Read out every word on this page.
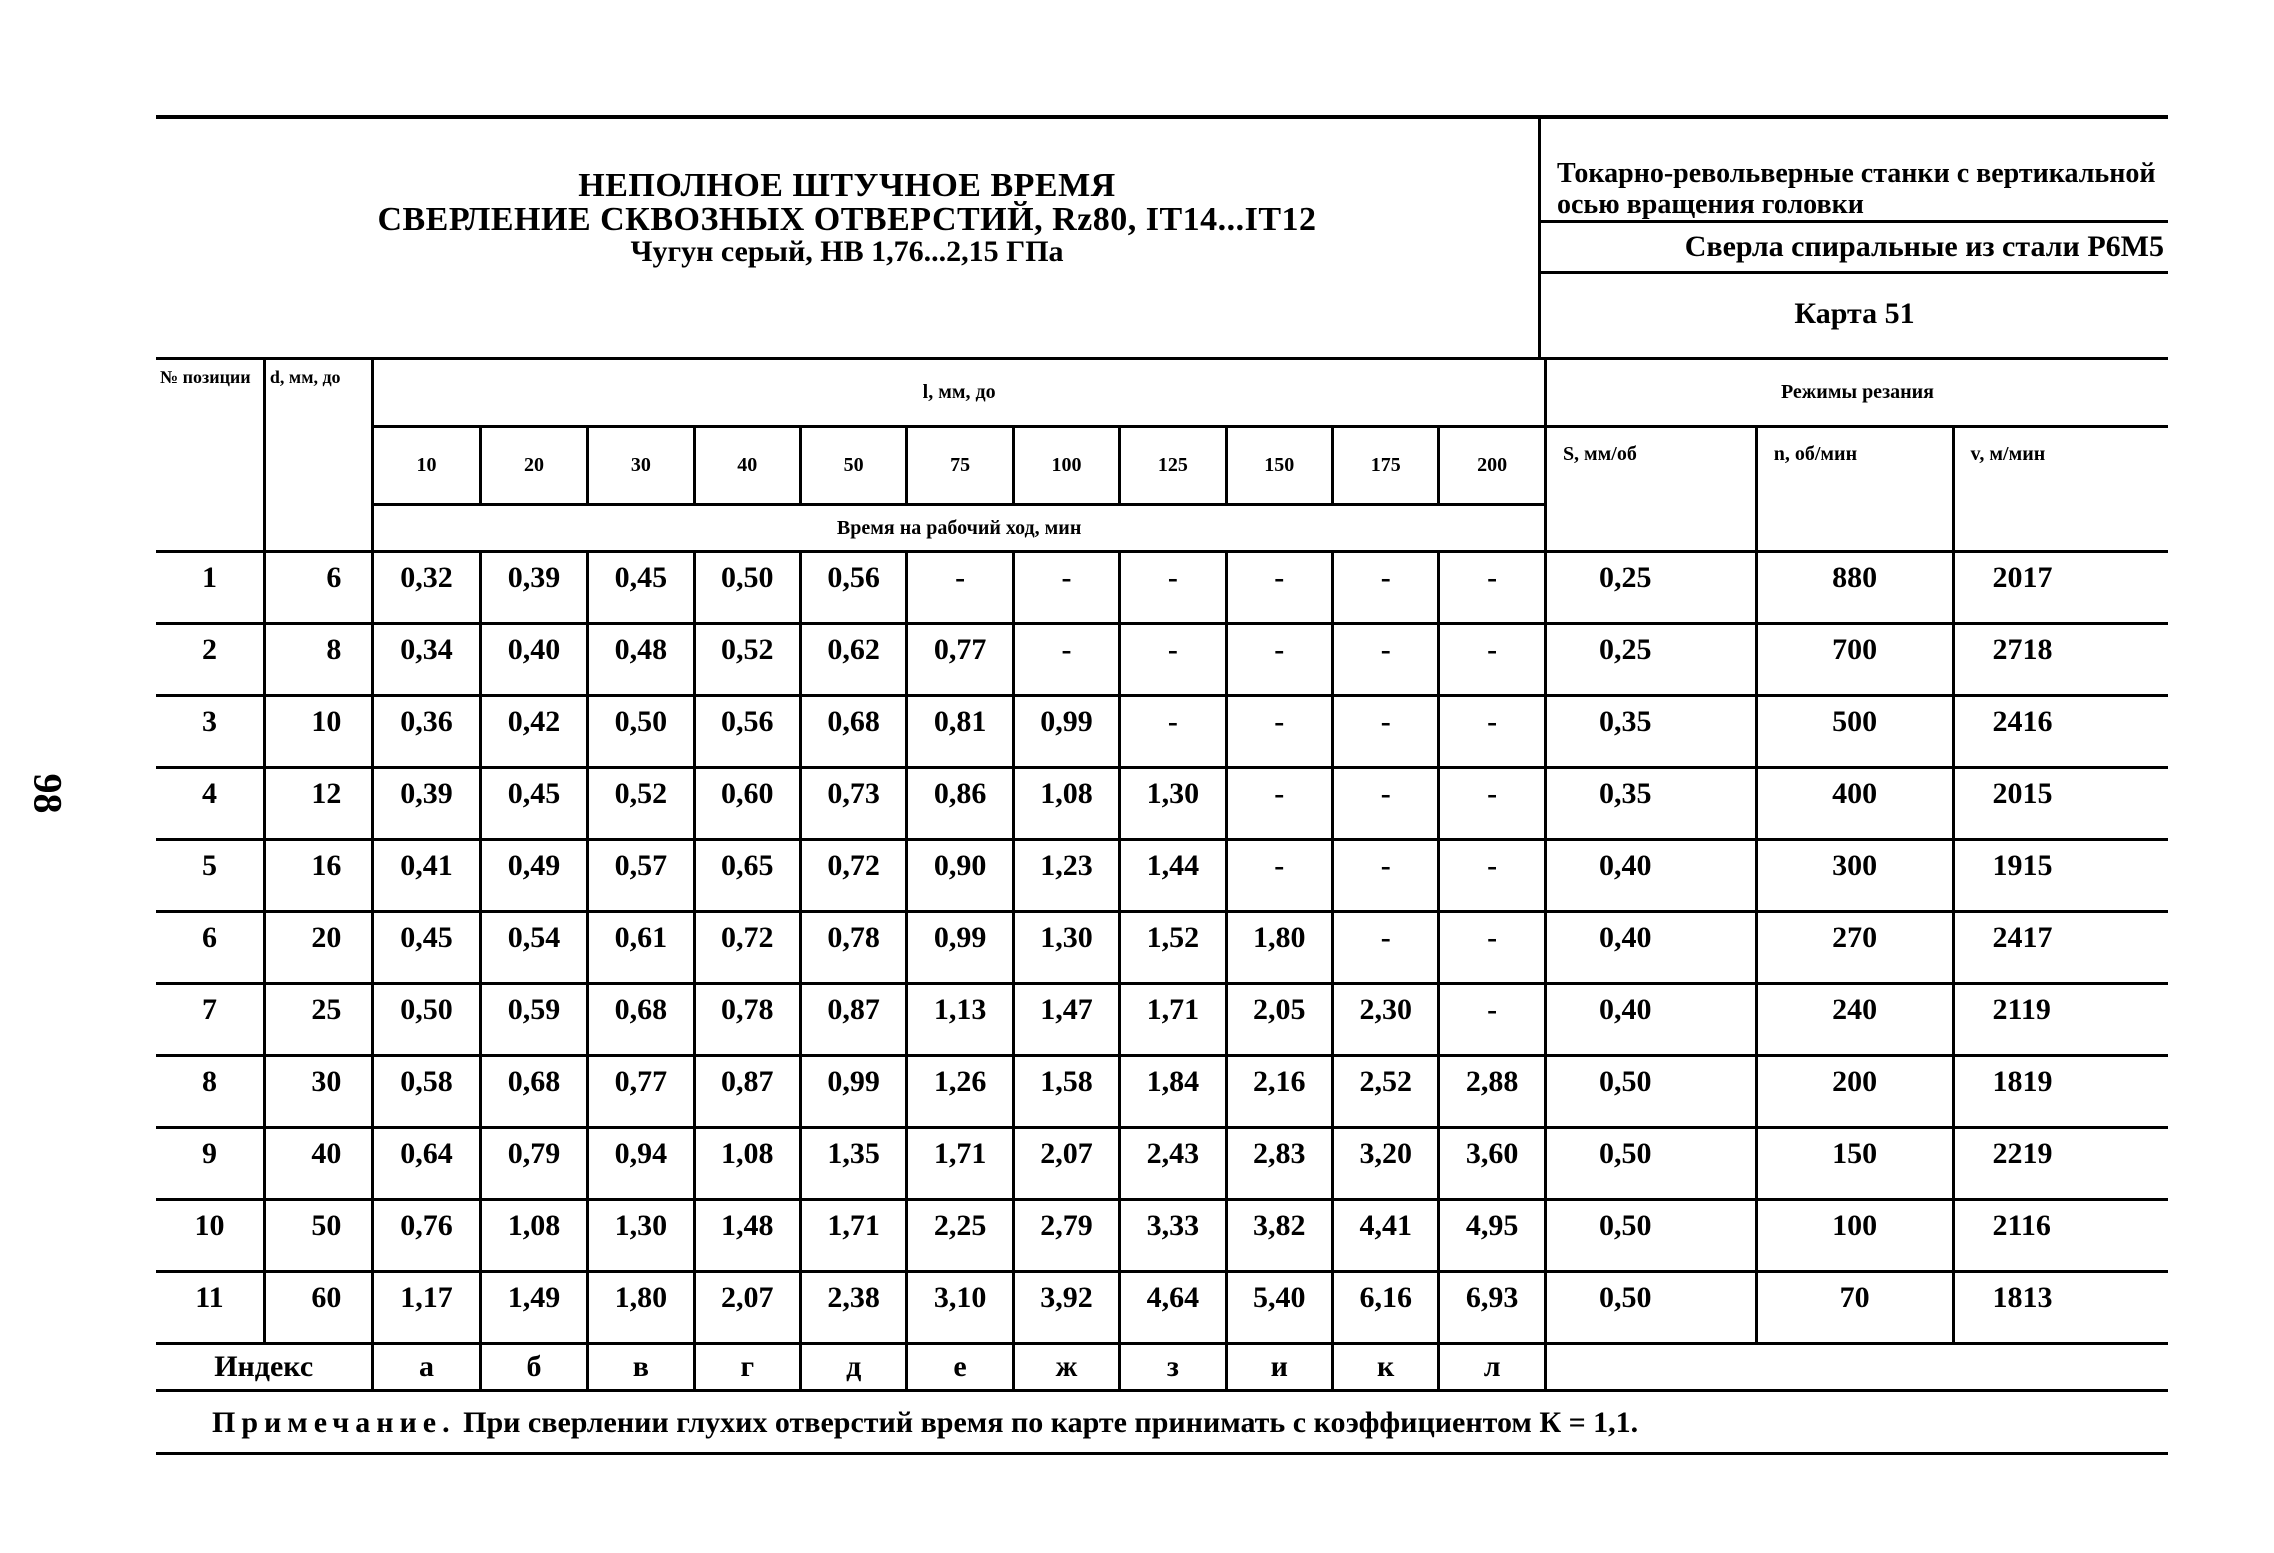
98
НЕПОЛНОЕ ШТУЧНОЕ ВРЕМЯ
СВЕРЛЕНИЕ СКВОЗНЫХ ОТВЕРСТИЙ, Rz80, IT14...IT12
Чугун серый, НВ 1,76...2,15 ГПа
Токарно-револьверные станки с вертикальной осью вращения головки
Сверла спиральные из стали Р6М5
Карта 51
№ позиции	d, мм, до	l, мм, до											Режимы резания		
		10	20	30	40	50	75	100	125	150	175	200	S, мм/об	n, об/мин	v, м/мин
		Время на рабочий ход, мин													
1	6	0,32	0,39	0,45	0,50	0,56	-	-	-	-	-	-	0,25	880	2017
2	8	0,34	0,40	0,48	0,52	0,62	0,77	-	-	-	-	-	0,25	700	2718
3	10	0,36	0,42	0,50	0,56	0,68	0,81	0,99	-	-	-	-	0,35	500	2416
4	12	0,39	0,45	0,52	0,60	0,73	0,86	1,08	1,30	-	-	-	0,35	400	2015
5	16	0,41	0,49	0,57	0,65	0,72	0,90	1,23	1,44	-	-	-	0,40	300	1915
6	20	0,45	0,54	0,61	0,72	0,78	0,99	1,30	1,52	1,80	-	-	0,40	270	2417
7	25	0,50	0,59	0,68	0,78	0,87	1,13	1,47	1,71	2,05	2,30	-	0,40	240	2119
8	30	0,58	0,68	0,77	0,87	0,99	1,26	1,58	1,84	2,16	2,52	2,88	0,50	200	1819
9	40	0,64	0,79	0,94	1,08	1,35	1,71	2,07	2,43	2,83	3,20	3,60	0,50	150	2219
10	50	0,76	1,08	1,30	1,48	1,71	2,25	2,79	3,33	3,82	4,41	4,95	0,50	100	2116
11	60	1,17	1,49	1,80	2,07	2,38	3,10	3,92	4,64	5,40	6,16	6,93	0,50	70	1813
Индекс		а	б	в	г	д	е	ж	з	и	к	л			
Примечание. При сверлении глухих отверстий время по карте принимать с коэффициентом К = 1,1.
